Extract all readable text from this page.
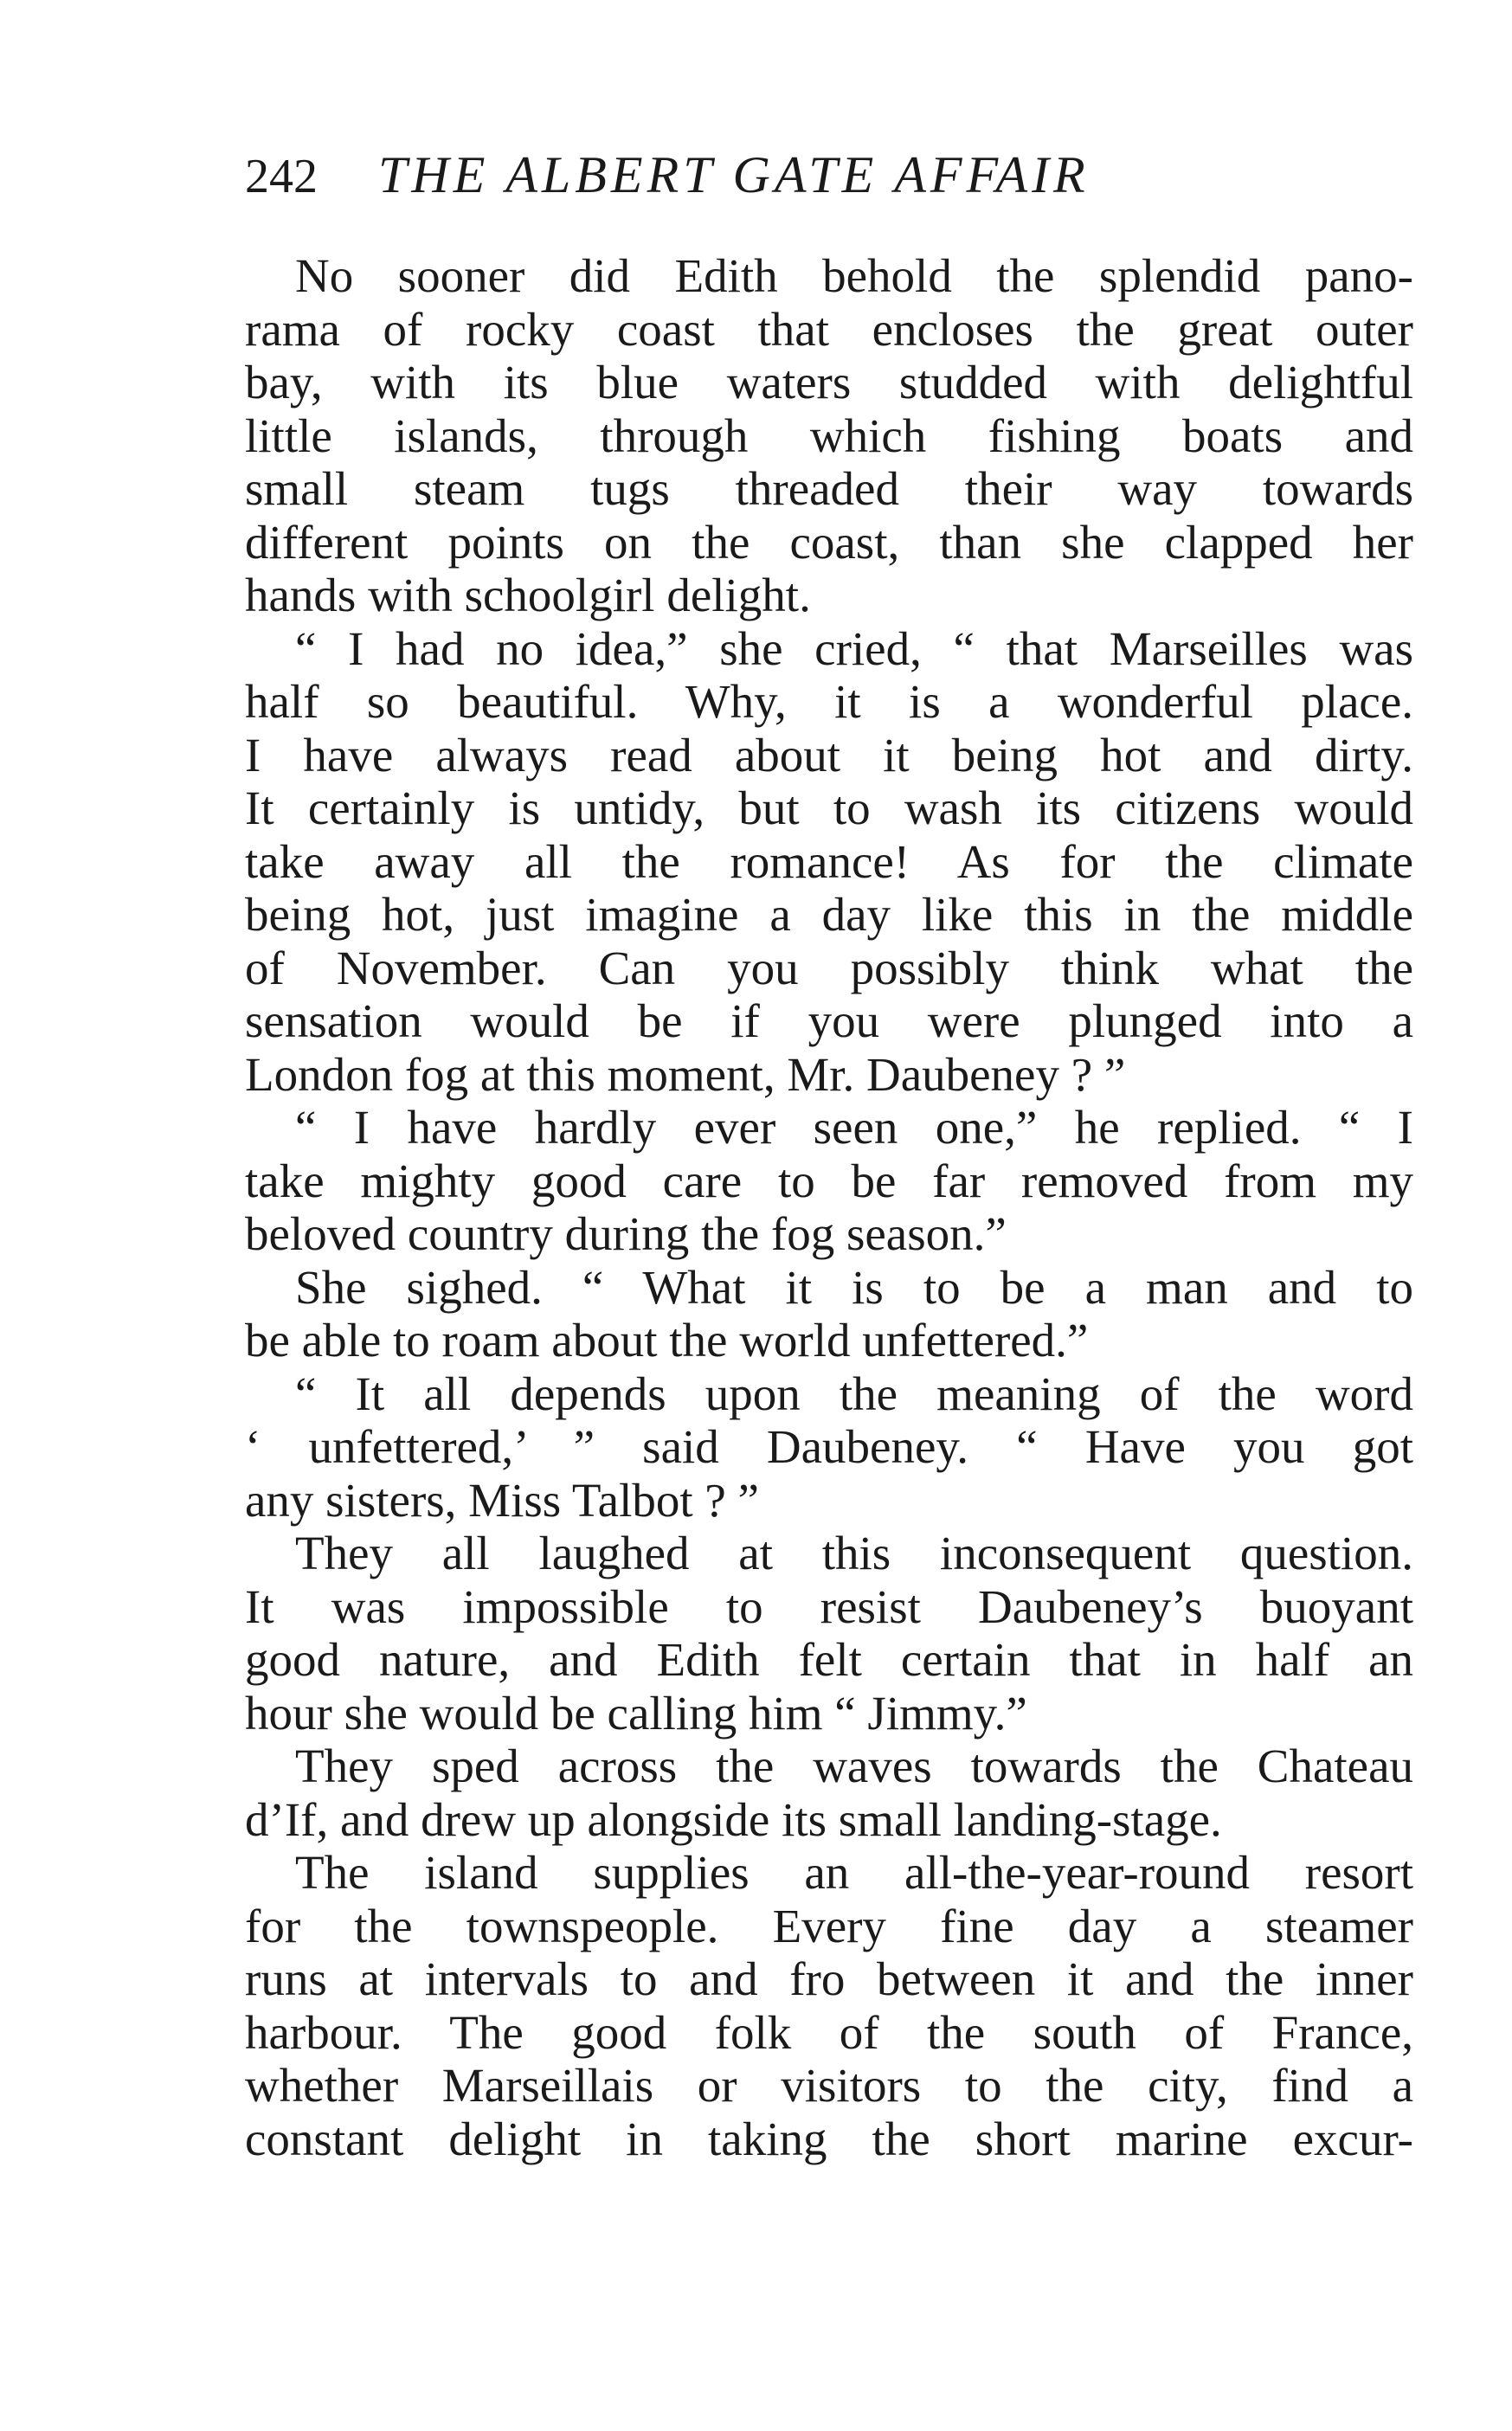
242 THE ALBERT GATE AFFAIR
No sooner did Edith behold the splendid pano-
rama of rocky coast that encloses the great outer
bay, with its blue waters studded with delightful
little islands, through which fishing boats and
small steam tugs threaded their way towards
different points on the coast, than she clapped her
hands with schoolgirl delight.
“ I had no idea,” she cried, “ that Marseilles was
half so beautiful. Why, it is a wonderful place.
I have always read about it being hot and dirty.
It certainly is untidy, but to wash its citizens would
take away all the romance! As for the climate
being hot, just imagine a day like this in the middle
of November. Can you possibly think what the
sensation would be if you were plunged into a
London fog at this moment, Mr. Daubeney ? ”
“ I have hardly ever seen one,” he replied. “ I
take mighty good care to be far removed from my
beloved country during the fog season.”
She sighed. “ What it is to be a man and to
be able to roam about the world unfettered.”
“ It all depends upon the meaning of the word
‘ unfettered,’ ” said Daubeney. “ Have you got
any sisters, Miss Talbot ? ”
They all laughed at this inconsequent question.
It was impossible to resist Daubeney’s buoyant
good nature, and Edith felt certain that in half an
hour she would be calling him “ Jimmy.”
They sped across the waves towards the Chateau
d’If, and drew up alongside its small landing-stage.
The island supplies an all-the-year-round resort
for the townspeople. Every fine day a steamer
runs at intervals to and fro between it and the inner
harbour. The good folk of the south of France,
whether Marseillais or visitors to the city, find a
constant delight in taking the short marine excur-
